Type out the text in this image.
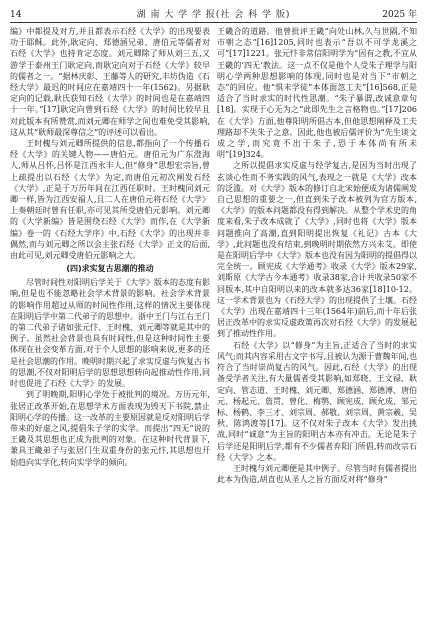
14	湖 南 大 学 学 报(社 会 科 学 版)	2025 年

编》中都提及对方,并且都表示石经《大学》的出现要表功于耶稣。此外,耿定向、郑德涵兄弟、唐伯元等儒者对石经《大学》也持肯定态度。刘元卿除了师从刘三五,又游学于泰州王门耿定向,而耿定向对于石经《大学》较早的儒者之一。“据林庆彰、王藤等人的研究,丰坊伪造《石经大学》最迟的时间应在嘉靖四十一年(1562)。另据耿定向的记载,耿氏获知石经《大学》的时间也是在嘉靖四十一年。”[17]耿定向曾到石经《大学》的时间比较早且对此版本有所赞赏,而刘元卿在师学之间也难免受其影响,这从其“耿师最深尊信之”的评述可以看出。

王时槐与刘元卿所提供的信息,都指向了一个传播石经《大学》的关键人物——唐伯元。唐伯元为广东澄海人,师从吕怀,吕怀是江西永丰人,但“修身”思想宏宗旨,曾上疏提出以石经《大学》为定,而唐伯元初次阐发石经《大学》,正是于万历年间在江西任职时。王时槐同刘元卿一样,皆为江西安福人,且二人在唐伯元将石经《大学》上奏朝廷时曾有任职,亦可见其所受唐伯元影响。刘元卿的《大学新编》皆是围绕石经《大学》而作,在《大学新编》卷一的《石经大学序》中,石经《大学》的出现并非偶然,而与刘元卿之所以会主张石经《大学》正文的后面,由此可见,刘元卿受唐伯元影响之大。

(四)求实复古思潮的推动

尽管时间性对阳明后学关于《大学》版本的态度有影响,但是也不能忽略社会学术背景的影响。社会学术背景的影响作用超过从师的时间性作用,这样的情况主要体现在阳明后学中第二代弟子的思想中。浙中王门与江右王门的第二代弟子诸如张元忭、王时槐、刘元卿等就是其中的例子。虽然社会背景也具有时间性,但是这种时间性主要体现在社会变革方面,对于个人思想的影响来说,更多的还是社会思潮的作用。晚明时期兴起了求实反虚与恢复古书的思潮,不仅对阳明后学的思想思想转向起推动性作用,同时也促进了石经《大学》的发展。

到了明晚期,阳明心学处于被批判的境况。万历元年,张居正改革开始,在思想学术方面表现为毁天下书院,禁止阳明心学的传播。这一改革的主要原因就是反对阳明后学带来的好虚之风,提倡朱子学的实学。而提出“四无”说的王畿及其思想也正成为批判的对象。在这种时代背景下,兼具王畿弟子与张居门生双重身份的张元忭,其思想也开始趋向实学化,转向实学学的倾向。

王畿合的道路。他曾批评王畿“向处山林,久与世隔,不知市朝之态”[16]1205,同时也表示“吾以不可学龙溪之可”[17]1221。张元忭非常信阳明学为“因有之教,不宜从王畿的‘四无’教法。这一点不仅是他个人受朱子理学与阳明心学两种思想影响的体现,同时也是对当下“市朝之态”的回应。他“惧末学徒”本体面忽工夫”[16]568,正是适合了当时求实的时代性思潮。“朱子暴谓,改诚意章句[18]。实现于心无为之“此即先生之言格物也。”[17]206在《大学》方面,他尊阳明所倡古本,但他思想阐释及工夫理路却不失朱子之意。因此,他也被后儒评价为“先生谈文成之学,而究竟不出于朱子,恐于本体尚有所未明”[19]324。

之所以提倡求实反虚与经学复古,是因为当时出现了玄谈心性而不务实践的风气,表现之一就是《大学》改本的泛滥。对《大学》版本的修订自北宋始便成为诸儒阐发自己思想的重要之一,但直到朱子改本被列为官方版本,《大学》的版本问题都没有得到解决。从整个学术史的角度来看,朱子改本成就了《大学》,同时也将《大学》版本问题推向了高潮,直到阳明提出恢复《礼记》古本《大学》,此问题也没有结束,到晚明时期依然方兴未艾。即使是在阳明后学中《大学》版本也没有因为阳明的提倡得以完全统一。顾宪成《大学通考》收录《大学》版本29家,刘斯原《大学古今本通考》收录38家,合计共收录50家不同版本,其中自阳明以来的改本就多达36家[18]10-12。这一学术背景也为《石经大学》的出现提供了土壤。石经《大学》出现在嘉靖四十三年(1564年)前后,而十年后张居正改革中的求实反虚政策再次对石经《大学》的发展起到了推动性作用。

石经《大学》以“修身”为主旨,正适合了当时的求实风气;而其内容采用古文字书写,且被认为源于曹魏年间,也符合了当时崇尚复古的风气。因此,石经《大学》的出现备受学者关注,有大量儒者受其影响,如郑晓、王文禄、耿定向、管志道、王时槐、刘元卿、郑德涵、郑德溥、唐伯元、杨起元、詹贯、曾化、梅鹗、顾宪成、顾允成、邹元标、杨鹤、李三才、刘宗周、郝敬、刘宗周、黄宗羲、吴秋、陈鸿渡等[17]。这不仅对朱子改本《大学》发出挑战,同时“诚意”为主旨的阳明古本亦有冲击。无论是朱子后学还是阳明后学,都有不少儒者弃阳门所倡,转而改宗石经《大学》之本。

王时槐与刘元卿便是其中例子。尽管当时有儒者提出此本为伪造,胡直也从圣人之旨方面反对将“修身”
